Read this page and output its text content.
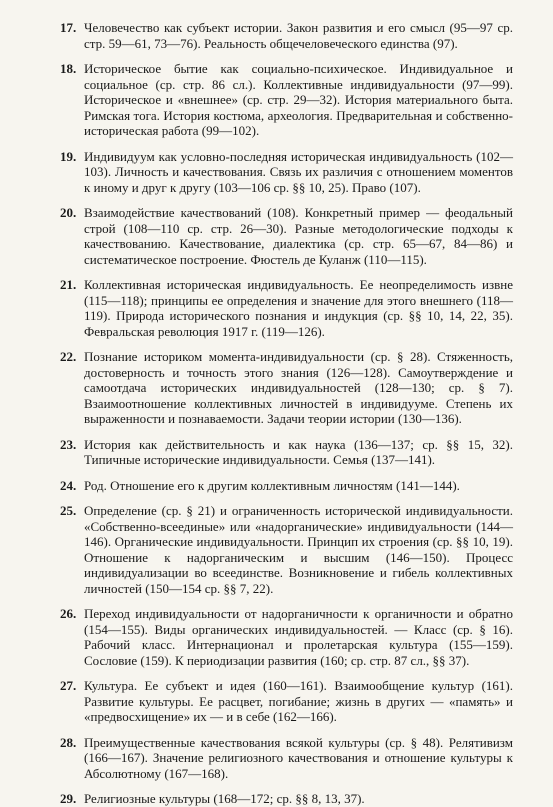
17. Человечество как субъект истории. Закон развития и его смысл (95—97 ср. стр. 59—61, 73—76). Реальность общечеловеческого единства (97).
18. Историческое бытие как социально-психическое. Индивидуальное и социальное (ср. стр. 86 сл.). Коллективные индивидуальности (97—99). Историческое и «внешнее» (ср. стр. 29—32). История материального быта. Римская тога. История костюма, археология. Предварительная и собственно-историческая работа (99—102).
19. Индивидуум как условно-последняя историческая индивидуальность (102—103). Личность и качествования. Связь их различия с отношением моментов к иному и друг к другу (103—106 ср. §§ 10, 25). Право (107).
20. Взаимодействие качествований (108). Конкретный пример — феодальный строй (108—110 ср. стр. 26—30). Разные методологические подходы к качествованию. Качествование, диалектика (ср. стр. 65—67, 84—86) и систематическое построение. Фюстель де Куланж (110—115).
21. Коллективная историческая индивидуальность. Ее неопределимость извне (115—118); принципы ее определения и значение для этого внешнего (118—119). Природа исторического познания и индукция (ср. §§ 10, 14, 22, 35). Февральская революция 1917 г. (119—126).
22. Познание историком момента-индивидуальности (ср. § 28). Стяженность, достоверность и точность этого знания (126—128). Самоутверждение и самоотдача исторических индивидуальностей (128—130; ср. § 7). Взаимоотношение коллективных личностей в индивидууме. Степень их выраженности и познаваемости. Задачи теории истории (130—136).
23. История как действительность и как наука (136—137; ср. §§ 15, 32). Типичные исторические индивидуальности. Семья (137—141).
24. Род. Отношение его к другим коллективным личностям (141—144).
25. Определение (ср. § 21) и ограниченность исторической индивидуальности. «Собственно-всеединые» или «надорганические» индивидуальности (144—146). Органические индивидуальности. Принцип их строения (ср. §§ 10, 19). Отношение к надорганическим и высшим (146—150). Процесс индивидуализации во всеединстве. Возникновение и гибель коллективных личностей (150—154 ср. §§ 7, 22).
26. Переход индивидуальности от надорганичности к органичности и обратно (154—155). Виды органических индивидуальностей. — Класс (ср. § 16). Рабочий класс. Интернационал и пролетарская культура (155—159). Сословие (159). К периодизации развития (160; ср. стр. 87 сл., §§ 37).
27. Культура. Ее субъект и идея (160—161). Взаимообщение культур (161). Развитие культуры. Ее расцвет, погибание; жизнь в других — «память» и «предвосхищение» их — и в себе (162—166).
28. Преимущественные качествования всякой культуры (ср. § 48). Релятивизм (166—167). Значение религиозного качествования и отношение культуры к Абсолютному (167—168).
29. Религиозные культуры (168—172; ср. §§ 8, 13, 37).
